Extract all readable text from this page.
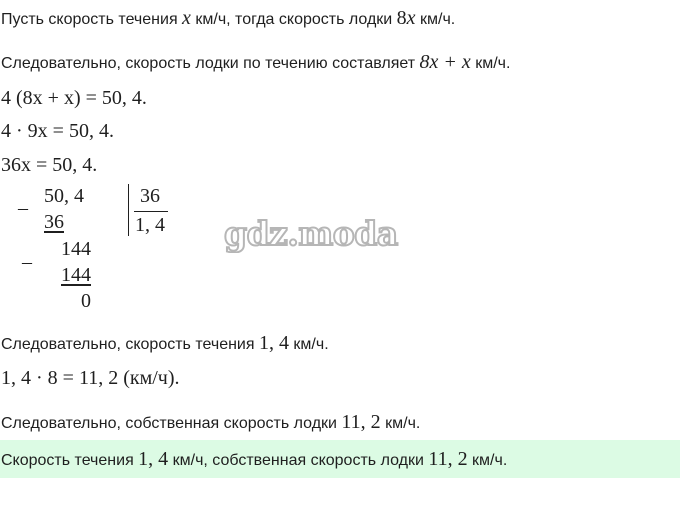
Пусть скорость течения x км/ч, тогда скорость лодки 8x км/ч.
Следовательно, скорость лодки по течению составляет 8x + x км/ч.
4 (8x + x) = 50, 4.
4 · 9x = 50, 4.
36x = 50, 4.
–
50, 4
36
36
1, 4
–
144
144
0
Следовательно, скорость течения 1, 4 км/ч.
1, 4 · 8 = 11, 2 (км/ч).
Следовательно, собственная скорость лодки 11, 2 км/ч.
Скорость течения 1, 4 км/ч, собственная скорость лодки 11, 2 км/ч.
gdz.moda
